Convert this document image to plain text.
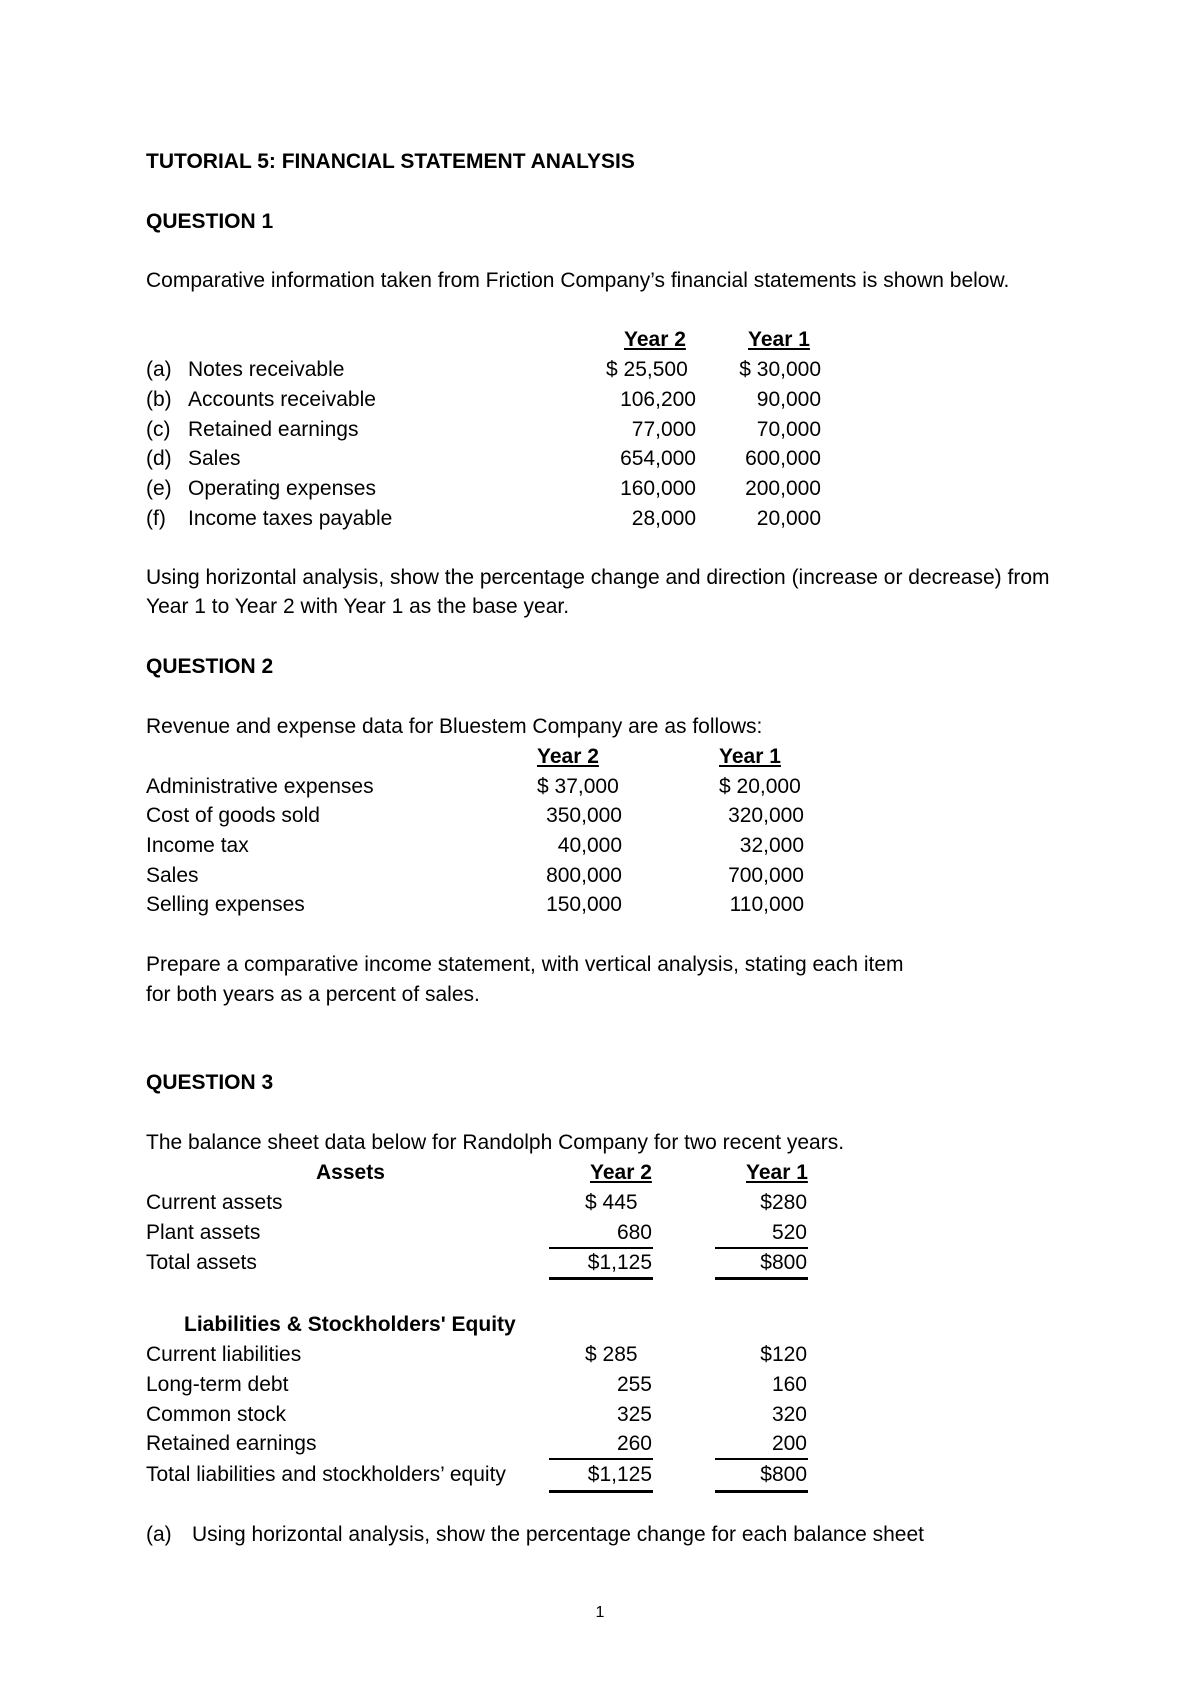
TUTORIAL 5: FINANCIAL STATEMENT ANALYSIS
QUESTION 1
Comparative information taken from Friction Company’s financial statements is shown below.
Year 2	Year 1
(a) Notes receivable	$ 25,500	$ 30,000
(b) Accounts receivable	106,200	90,000
(c) Retained earnings	77,000	70,000
(d) Sales	654,000	600,000
(e) Operating expenses	160,000	200,000
(f) Income taxes payable	28,000	20,000
Using horizontal analysis, show the percentage change and direction (increase or decrease) from Year 1 to Year 2 with Year 1 as the base year.
QUESTION 2
Revenue and expense data for Bluestem Company are as follows:
Year 2	Year 1
Administrative expenses	$ 37,000	$ 20,000
Cost of goods sold	350,000	320,000
Income tax	40,000	32,000
Sales	800,000	700,000
Selling expenses	150,000	110,000
Prepare a comparative income statement, with vertical analysis, stating each item
for both years as a percent of sales.
QUESTION 3
The balance sheet data below for Randolph Company for two recent years.
Assets	Year 2	Year 1
Current assets	$ 445	$280
Plant assets	680	520
Total assets	$1,125	$800
Liabilities & Stockholders' Equity
Current liabilities	$ 285	$120
Long-term debt	255	160
Common stock	325	320
Retained earnings	260	200
Total liabilities and stockholders’ equity	$1,125	$800
(a) Using horizontal analysis, show the percentage change for each balance sheet
1
